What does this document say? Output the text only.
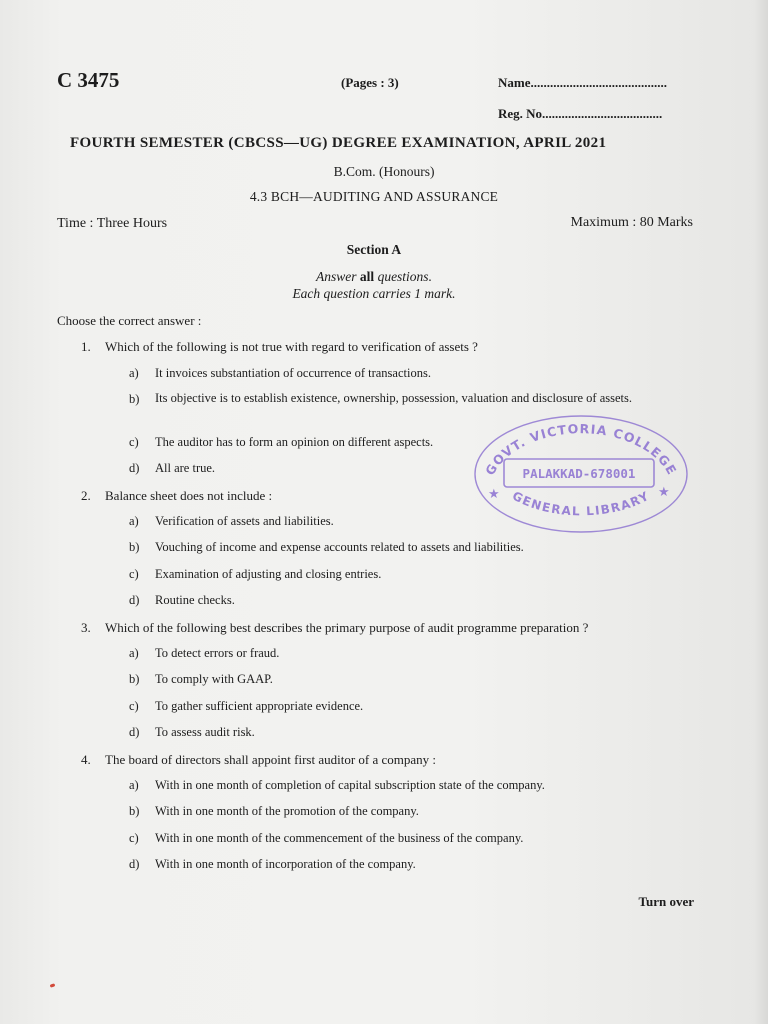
C 3475	(Pages : 3)	Name..........................................
Reg. No.....................................
FOURTH SEMESTER (CBCSS—UG) DEGREE EXAMINATION, APRIL 2021
B.Com. (Honours)
4.3 BCH—AUDITING AND ASSURANCE
Time : Three Hours	Maximum : 80 Marks
Section A
Answer all questions.
Each question carries 1 mark.
Choose the correct answer :
1. Which of the following is not true with regard to verification of assets ?
a) It invoices substantiation of occurrence of transactions.
b) Its objective is to establish existence, ownership, possession, valuation and disclosure of assets.
c) The auditor has to form an opinion on different aspects.
d) All are true.
2. Balance sheet does not include :
a) Verification of assets and liabilities.
b) Vouching of income and expense accounts related to assets and liabilities.
c) Examination of adjusting and closing entries.
d) Routine checks.
3. Which of the following best describes the primary purpose of audit programme preparation ?
a) To detect errors or fraud.
b) To comply with GAAP.
c) To gather sufficient appropriate evidence.
d) To assess audit risk.
4. The board of directors shall appoint first auditor of a company :
a) With in one month of completion of capital subscription state of the company.
b) With in one month of the promotion of the company.
c) With in one month of the commencement of the business of the company.
d) With in one month of incorporation of the company.
GOVT. VICTORIA COLLEGE
PALAKKAD-678001
GENERAL LIBRARY
★	★
Turn over
